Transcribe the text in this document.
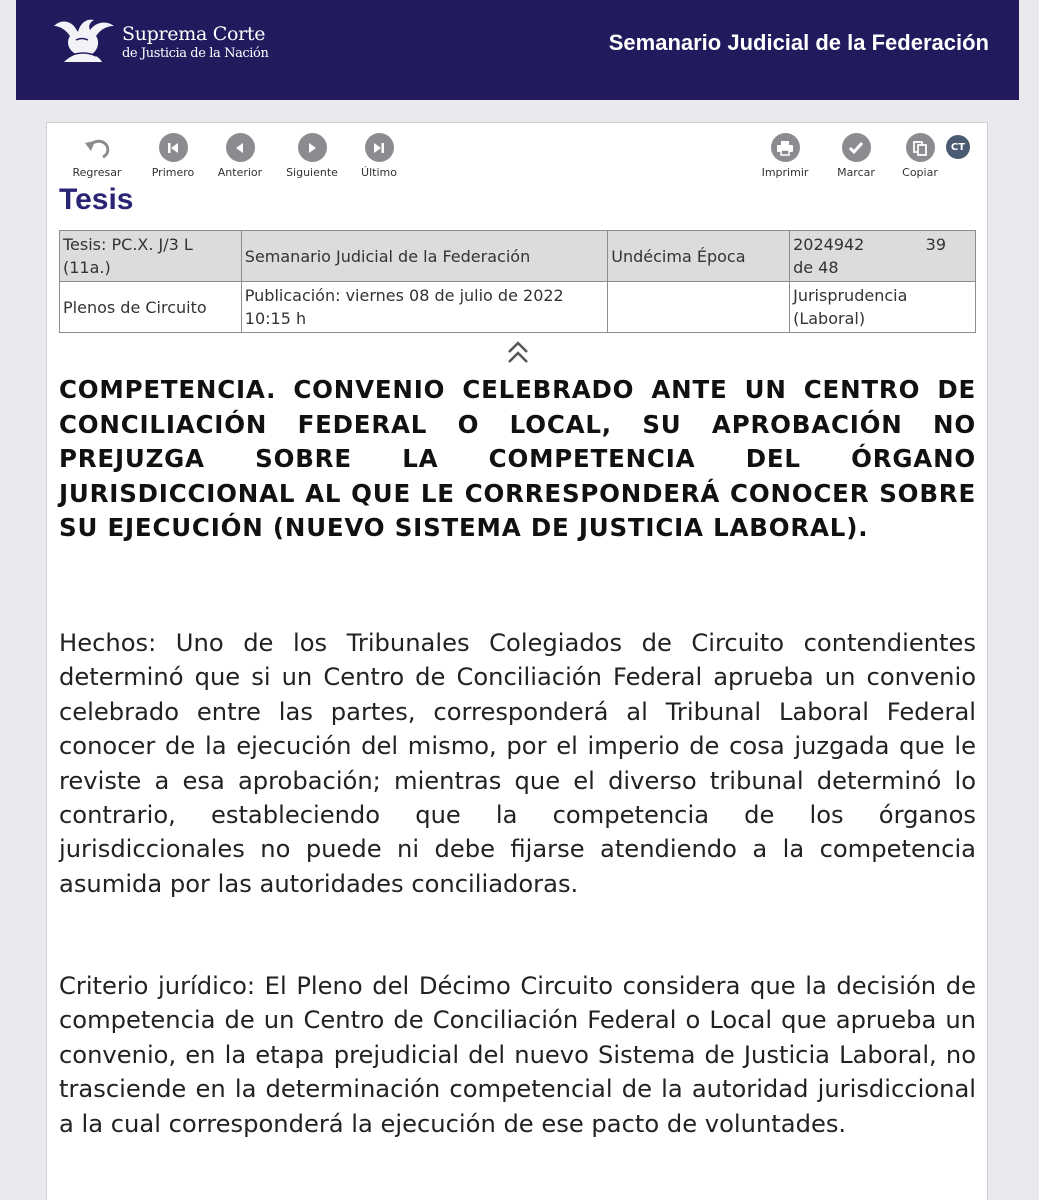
Suprema Corte
de Justicia de la Nación	Semanario Judicial de la Federación
Regresar	Primero	Anterior	Siguiente	Último	Imprimir	Marcar	Copiar
CT
Tesis
Tesis: PC.X. J/3 L (11a.)	Semanario Judicial de la Federación	Undécima Época	2024942 39
de 48

Plenos de Circuito	Publicación: viernes 08 de julio de 2022 10:15 h		Jurisprudencia (Laboral)
COMPETENCIA. CONVENIO CELEBRADO ANTE UN CENTRO DE CONCILIACIÓN FEDERAL O LOCAL, SU APROBACIÓN NO PREJUZGA SOBRE LA COMPETENCIA DEL ÓRGANO JURISDICCIONAL AL QUE LE CORRESPONDERÁ CONOCER SOBRE SU EJECUCIÓN (NUEVO SISTEMA DE JUSTICIA LABORAL).
Hechos: Uno de los Tribunales Colegiados de Circuito contendientes determinó que si un Centro de Conciliación Federal aprueba un convenio celebrado entre las partes, corresponderá al Tribunal Laboral Federal conocer de la ejecución del mismo, por el imperio de cosa juzgada que le reviste a esa aprobación; mientras que el diverso tribunal determinó lo contrario, estableciendo que la competencia de los órganos jurisdiccionales no puede ni debe fijarse atendiendo a la competencia asumida por las autoridades conciliadoras.
Criterio jurídico: El Pleno del Décimo Circuito considera que la decisión de competencia de un Centro de Conciliación Federal o Local que aprueba un convenio, en la etapa prejudicial del nuevo Sistema de Justicia Laboral, no trasciende en la determinación competencial de la autoridad jurisdiccional a la cual corresponderá la ejecución de ese pacto de voluntades.
